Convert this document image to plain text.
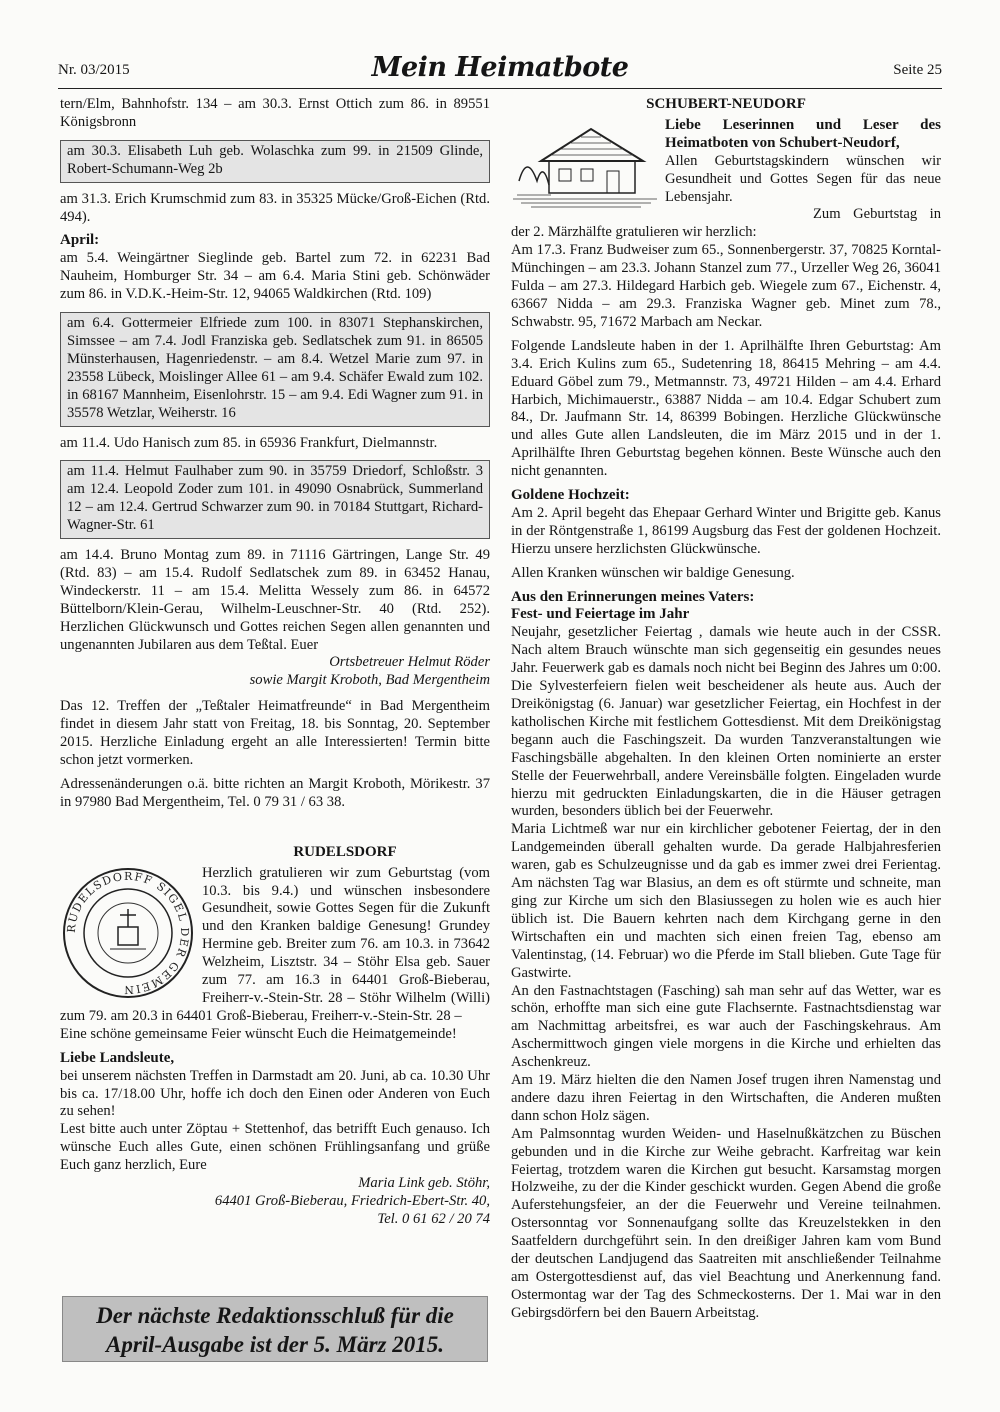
Nr. 03/2015	Mein Heimatbote	Seite 25

tern/Elm, Bahnhofstr. 134 – am 30.3. Ernst Ottich zum 86. in 89551 Königsbronn

am 30.3. Elisabeth Luh geb. Wolaschka zum 99. in 21509 Glinde, Robert-Schumann-Weg 2b

am 31.3. Erich Krumschmid zum 83. in 35325 Mücke/Groß-Eichen (Rtd. 494).

April:

am 5.4. Weingärtner Sieglinde geb. Bartel zum 72. in 62231 Bad Nauheim, Homburger Str. 34 – am 6.4. Maria Stini geb. Schönwäder zum 86. in V.D.K.-Heim-Str. 12, 94065 Waldkirchen (Rtd. 109)

am 6.4. Gottermeier Elfriede zum 100. in 83071 Stephanskirchen, Simssee – am 7.4. Jodl Franziska geb. Sedlatschek zum 91. in 86505 Münsterhausen, Hagenriedenstr. – am 8.4. Wetzel Marie zum 97. in 23558 Lübeck, Moislinger Allee 61 – am 9.4. Schäfer Ewald zum 102. in 68167 Mannheim, Eisenlohrstr. 15 – am 9.4. Edi Wagner zum 91. in 35578 Wetzlar, Weiherstr. 16

am 11.4. Udo Hanisch zum 85. in 65936 Frankfurt, Dielmannstr.

am 11.4. Helmut Faulhaber zum 90. in 35759 Driedorf, Schloßstr. 3 am 12.4. Leopold Zoder zum 101. in 49090 Osnabrück, Summerland 12 – am 12.4. Gertrud Schwarzer zum 90. in 70184 Stuttgart, Richard-Wagner-Str. 61

am 14.4. Bruno Montag zum 89. in 71116 Gärtringen, Lange Str. 49 (Rtd. 83) – am 15.4. Rudolf Sedlatschek zum 89. in 63452 Hanau, Windeckerstr. 11 – am 15.4. Melitta Wessely zum 86. in 64572 Büttelborn/Klein-Gerau, Wilhelm-Leuschner-Str. 40 (Rtd. 252). Herzlichen Glückwunsch und Gottes reichen Segen allen genannten und ungenannten Jubilaren aus dem Teßtal. Euer

Ortsbetreuer Helmut Röder

sowie Margit Kroboth, Bad Mergentheim

Das 12. Treffen der „Teßtaler Heimatfreunde“ in Bad Mergentheim findet in diesem Jahr statt von Freitag, 18. bis Sonntag, 20. September 2015. Herzliche Einladung ergeht an alle Interessierten! Termin bitte schon jetzt vormerken.

Adressenänderungen o.ä. bitte richten an Margit Kroboth, Mörikestr. 37 in 97980 Bad Mergentheim, Tel. 0 79 31 / 63 38.

RUDELSDORF

RUDELSDORFF SIGEL DER GEMEIN

Herzlich gratulieren wir zum Geburtstag (vom 10.3. bis 9.4.) und wünschen insbesondere Gesundheit, sowie Gottes Segen für die Zukunft und den Kranken baldige Genesung! Grundey Hermine geb. Breiter zum 76. am 10.3. in 73642 Welzheim, Lisztstr. 34 – Stöhr Elsa geb. Sauer zum 77. am 16.3 in 64401 Groß-Bieberau, Freiherr-v.-Stein-Str. 28 – Stöhr Wilhelm (Willi) zum 79. am 20.3 in 64401 Groß-Bieberau, Freiherr-v.-Stein-Str. 28 –

Eine schöne gemeinsame Feier wünscht Euch die Heimatgemeinde!

Liebe Landsleute,

bei unserem nächsten Treffen in Darmstadt am 20. Juni, ab ca. 10.30 Uhr bis ca. 17/18.00 Uhr, hoffe ich doch den Einen oder Anderen von Euch zu sehen!

Lest bitte auch unter Zöptau + Stettenhof, das betrifft Euch genauso. Ich wünsche Euch alles Gute, einen schönen Frühlingsanfang und grüße Euch ganz herzlich, Eure

Maria Link geb. Stöhr,

64401 Groß-Bieberau, Friedrich-Ebert-Str. 40,

Tel. 0 61 62 / 20 74

Der nächste Redaktionsschluß für die
April-Ausgabe ist der 5. März 2015.

SCHUBERT-NEUDORF

Liebe Leserinnen und Leser des Heimatboten von Schubert-Neudorf,

Allen Geburtstagskindern wünschen wir Gesundheit und Gottes Segen für das neue Lebensjahr.

Zum Geburtstag in der 2. Märzhälfte gratulieren wir herzlich:

Am 17.3. Franz Budweiser zum 65., Sonnenbergerstr. 37, 70825 Korntal-Münchingen – am 23.3. Johann Stanzel zum 77., Urzeller Weg 26, 36041 Fulda – am 27.3. Hildegard Harbich geb. Wiegele zum 67., Eichenstr. 4, 63667 Nidda – am 29.3. Franziska Wagner geb. Minet zum 78., Schwabstr. 95, 71672 Marbach am Neckar.

Folgende Landsleute haben in der 1. Aprilhälfte Ihren Geburtstag: Am 3.4. Erich Kulins zum 65., Sudetenring 18, 86415 Mehring – am 4.4. Eduard Göbel zum 79., Metmannstr. 73, 49721 Hilden – am 4.4. Erhard Harbich, Michimauerstr., 63887 Nidda – am 10.4. Edgar Schubert zum 84., Dr. Jaufmann Str. 14, 86399 Bobingen. Herzliche Glückwünsche und alles Gute allen Landsleuten, die im März 2015 und in der 1. Aprilhälfte Ihren Geburtstag begehen können. Beste Wünsche auch den nicht genannten.

Goldene Hochzeit:

Am 2. April begeht das Ehepaar Gerhard Winter und Brigitte geb. Kanus in der Röntgenstraße 1, 86199 Augsburg das Fest der goldenen Hochzeit. Hierzu unsere herzlichsten Glückwünsche.

Allen Kranken wünschen wir baldige Genesung.

Aus den Erinnerungen meines Vaters:

Fest- und Feiertage im Jahr

Neujahr, gesetzlicher Feiertag , damals wie heute auch in der CSSR. Nach altem Brauch wünschte man sich gegenseitig ein gesundes neues Jahr. Feuerwerk gab es damals noch nicht bei Beginn des Jahres um 0:00. Die Sylvesterfeiern fielen weit bescheidener als heute aus. Auch der Dreikönigstag (6. Januar) war gesetzlicher Feiertag, ein Hochfest in der katholischen Kirche mit festlichem Gottesdienst. Mit dem Dreikönigstag begann auch die Faschingszeit. Da wurden Tanzveranstaltungen wie Faschingsbälle abgehalten. In den kleinen Orten nominierte an erster Stelle der Feuerwehrball, andere Vereinsbälle folgten. Eingeladen wurde hierzu mit gedruckten Einladungskarten, die in die Häuser getragen wurden, besonders üblich bei der Feuerwehr.

Maria Lichtmeß war nur ein kirchlicher gebotener Feiertag, der in den Landgemeinden überall gehalten wurde. Da gerade Halbjahresferien waren, gab es Schulzeugnisse und da gab es immer zwei drei Ferientag. Am nächsten Tag war Blasius, an dem es oft stürmte und schneite, man ging zur Kirche um sich den Blasiussegen zu holen wie es auch hier üblich ist. Die Bauern kehrten nach dem Kirchgang gerne in den Wirtschaften ein und machten sich einen freien Tag, ebenso am Valentinstag, (14. Februar) wo die Pferde im Stall blieben. Gute Tage für Gastwirte.

An den Fastnachtstagen (Fasching) sah man sehr auf das Wetter, war es schön, erhoffte man sich eine gute Flachsernte. Fastnachtsdienstag war am Nachmittag arbeitsfrei, es war auch der Faschingskehraus. Am Aschermittwoch gingen viele morgens in die Kirche und erhielten das Aschenkreuz.

Am 19. März hielten die den Namen Josef trugen ihren Namenstag und andere dazu ihren Feiertag in den Wirtschaften, die Anderen mußten dann schon Holz sägen.

Am Palmsonntag wurden Weiden- und Haselnußkätzchen zu Büschen gebunden und in die Kirche zur Weihe gebracht. Karfreitag war kein Feiertag, trotzdem waren die Kirchen gut besucht. Karsamstag morgen Holzweihe, zu der die Kinder geschickt wurden. Gegen Abend die große Auferstehungsfeier, an der die Feuerwehr und Vereine teilnahmen. Ostersonntag vor Sonnenaufgang sollte das Kreuzelstekken in den Saatfeldern durchgeführt sein. In den dreißiger Jahren kam vom Bund der deutschen Landjugend das Saatreiten mit anschließender Teilnahme am Ostergottesdienst auf, das viel Beachtung und Anerkennung fand. Ostermontag war der Tag des Schmeckosterns. Der 1. Mai war in den Gebirgsdörfern bei den Bauern Arbeitstag.
